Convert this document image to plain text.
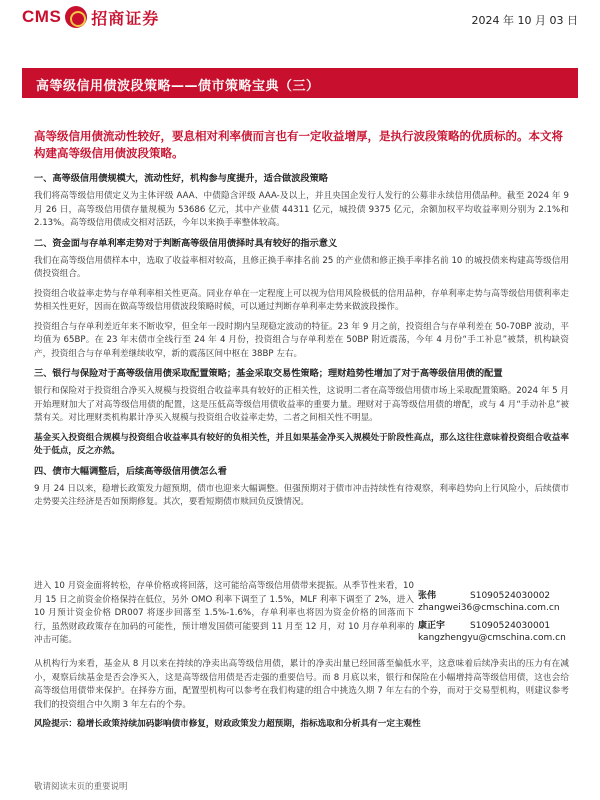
CMS 招商证券	2024 年 10 月 03 日
高等级信用债波段策略——债市策略宝典（三）
高等级信用债流动性较好，要息相对利率债而言也有一定收益增厚，是执行波段策略的优质标的。本文将构建高等级信用债波段策略。
一、高等级信用债规模大，流动性好，机构参与度提升，适合做波段策略
我们将高等级信用债定义为主体评级 AAA、中债隐含评级 AAA-及以上，并且央国企发行人发行的公募非永续信用债品种。截至 2024 年 9 月 26 日，高等级信用债存量规模为 53686 亿元，其中产业债 44311 亿元，城投债 9375 亿元，余额加权平均收益率则分别为 2.1%和 2.13%。高等级信用债成交相对活跃，今年以来换手率整体较高。
二、资金面与存单利率走势对于判断高等级信用债择时具有较好的指示意义
我们在高等级信用债样本中，选取了收益率相对较高，且修正换手率排名前 25 的产业债和修正换手率排名前 10 的城投债来构建高等级信用债投资组合。
投资组合收益率走势与存单利率相关性更高。同业存单在一定程度上可以视为信用风险极低的信用品种，存单利率走势与高等级信用债利率走势相关性更好，因而在做高等级信用债波段策略时候，可以通过判断存单利率走势来做波段操作。
投资组合与存单利差近年来不断收窄，但全年一段时期内呈现稳定波动的特征。23 年 9 月之前，投资组合与存单利差在 50-70BP 波动，平均值为 65BP。在 23 年末债市全线行至 24 年 4 月份，投资组合与存单利差在 50BP 附近震荡，今年 4 月份“手工补息”被禁，机构缺资产，投资组合与存单利差继续收窄，新的震荡区间中枢在 38BP 左右。
三、银行与保险对于高等级信用债采取配置策略；基金采取交易性策略；理财趋势性增加了对于高等级信用债的配置
银行和保险对于投资组合净买入规模与投资组合收益率具有较好的正相关性，这说明二者在高等级信用债市场上采取配置策略。2024 年 5 月开始理财加大了对高等级信用债的配置，这是压低高等级信用债收益率的重要力量。理财对于高等级信用债的增配，或与 4 月“手动补息”被禁有关。对比理财类机构累计净买入规模与投资组合收益率走势，二者之间相关性不明显。
基金买入投资组合规模与投资组合收益率具有较好的负相关性，并且如果基金净买入规模处于阶段性高点，那么这往往意味着投资组合收益率处于低点，反之亦然。
四、债市大幅调整后，后续高等级信用债怎么看
9 月 24 日以来，稳增长政策发力超预期，债市也迎来大幅调整。但强预期对于债市冲击持续性有待观察，利率趋势向上行风险小，后续债市走势要关注经济是否如预期修复。其次，要看短期债市赎回负反馈情况。
进入 10 月资金面将转松，存单价格或将回落，这可能给高等级信用债带来提振。从季节性来看，10 月 15 日之前资金价格保持在低位，另外 OMO 利率下调至了 1.5%，MLF 利率下调至了 2%，进入 10 月预计资金价格 DR007 将逐步回落至 1.5%-1.6%，存单利率也将因为资金价格的回落而下行，虽然财政政策存在加码的可能性，预计增发国债可能要到 11 月至 12 月，对 10 月存单利率的冲击可能。
张伟	S1090524030002
zhangwei36@cmschina.com.cn
康正宇	S1090524030001
kangzhengyu@cmschina.com.cn
从机构行为来看，基金从 8 月以来在持续的净卖出高等级信用债，累计的净卖出量已经回落至偏低水平，这意味着后续净卖出的压力有在减小，观察后续基金是否会净买入，这是高等级信用债是否走强的重要信号。而 8 月底以来，银行和保险在小幅增持高等级信用债，这也会给高等级信用债带来保护。在择券方面，配置型机构可以参考在我们构建的组合中挑选久期 7 年左右的个券，而对于交易型机构，则建议参考我们的投资组合中久期 3 年左右的个券。
风险提示：稳增长政策持续加码影响债市修复，财政政策发力超预期，指标选取和分析具有一定主观性
敬请阅读末页的重要说明
